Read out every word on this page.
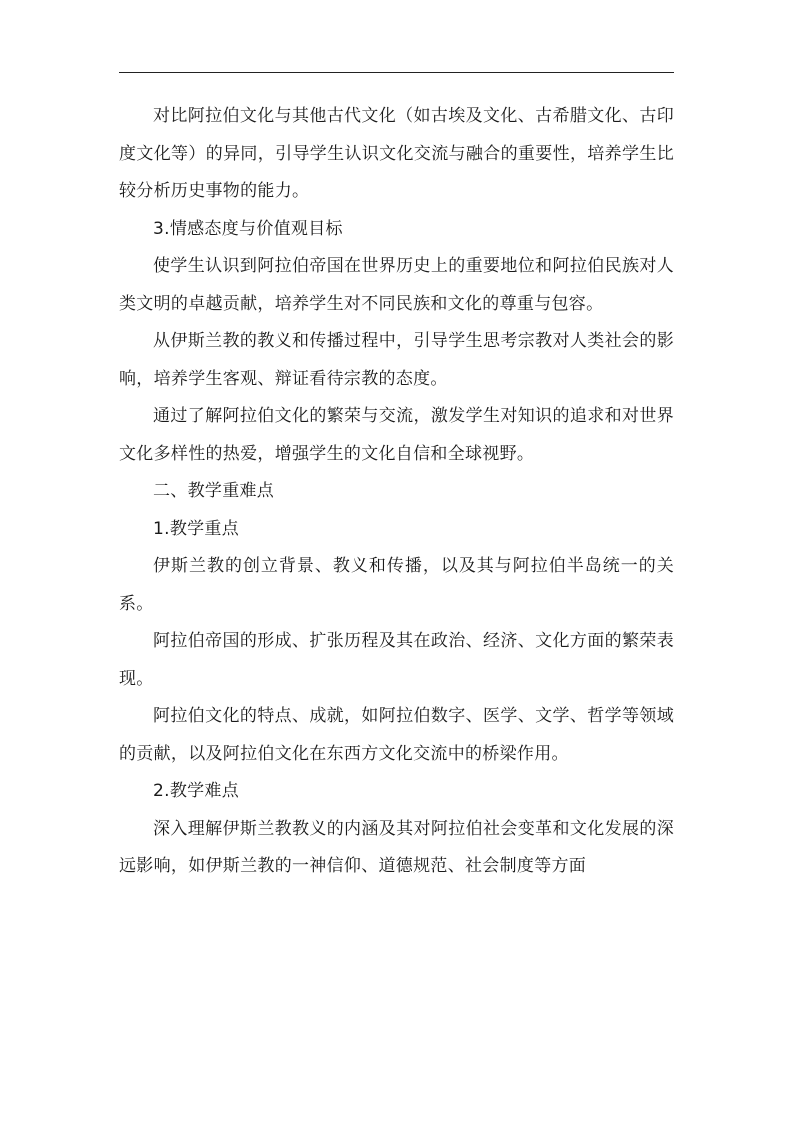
对比阿拉伯文化与其他古代文化（如古埃及文化、古希腊文化、古印度文化等）的异同，引导学生认识文化交流与融合的重要性，培养学生比较分析历史事物的能力。

3.情感态度与价值观目标

使学生认识到阿拉伯帝国在世界历史上的重要地位和阿拉伯民族对人类文明的卓越贡献，培养学生对不同民族和文化的尊重与包容。

从伊斯兰教的教义和传播过程中，引导学生思考宗教对人类社会的影响，培养学生客观、辩证看待宗教的态度。

通过了解阿拉伯文化的繁荣与交流，激发学生对知识的追求和对世界文化多样性的热爱，增强学生的文化自信和全球视野。

二、教学重难点

1.教学重点

伊斯兰教的创立背景、教义和传播，以及其与阿拉伯半岛统一的关系。

阿拉伯帝国的形成、扩张历程及其在政治、经济、文化方面的繁荣表现。

阿拉伯文化的特点、成就，如阿拉伯数字、医学、文学、哲学等领域的贡献，以及阿拉伯文化在东西方文化交流中的桥梁作用。

2.教学难点

深入理解伊斯兰教教义的内涵及其对阿拉伯社会变革和文化发展的深远影响，如伊斯兰教的一神信仰、道德规范、社会制度等方面
